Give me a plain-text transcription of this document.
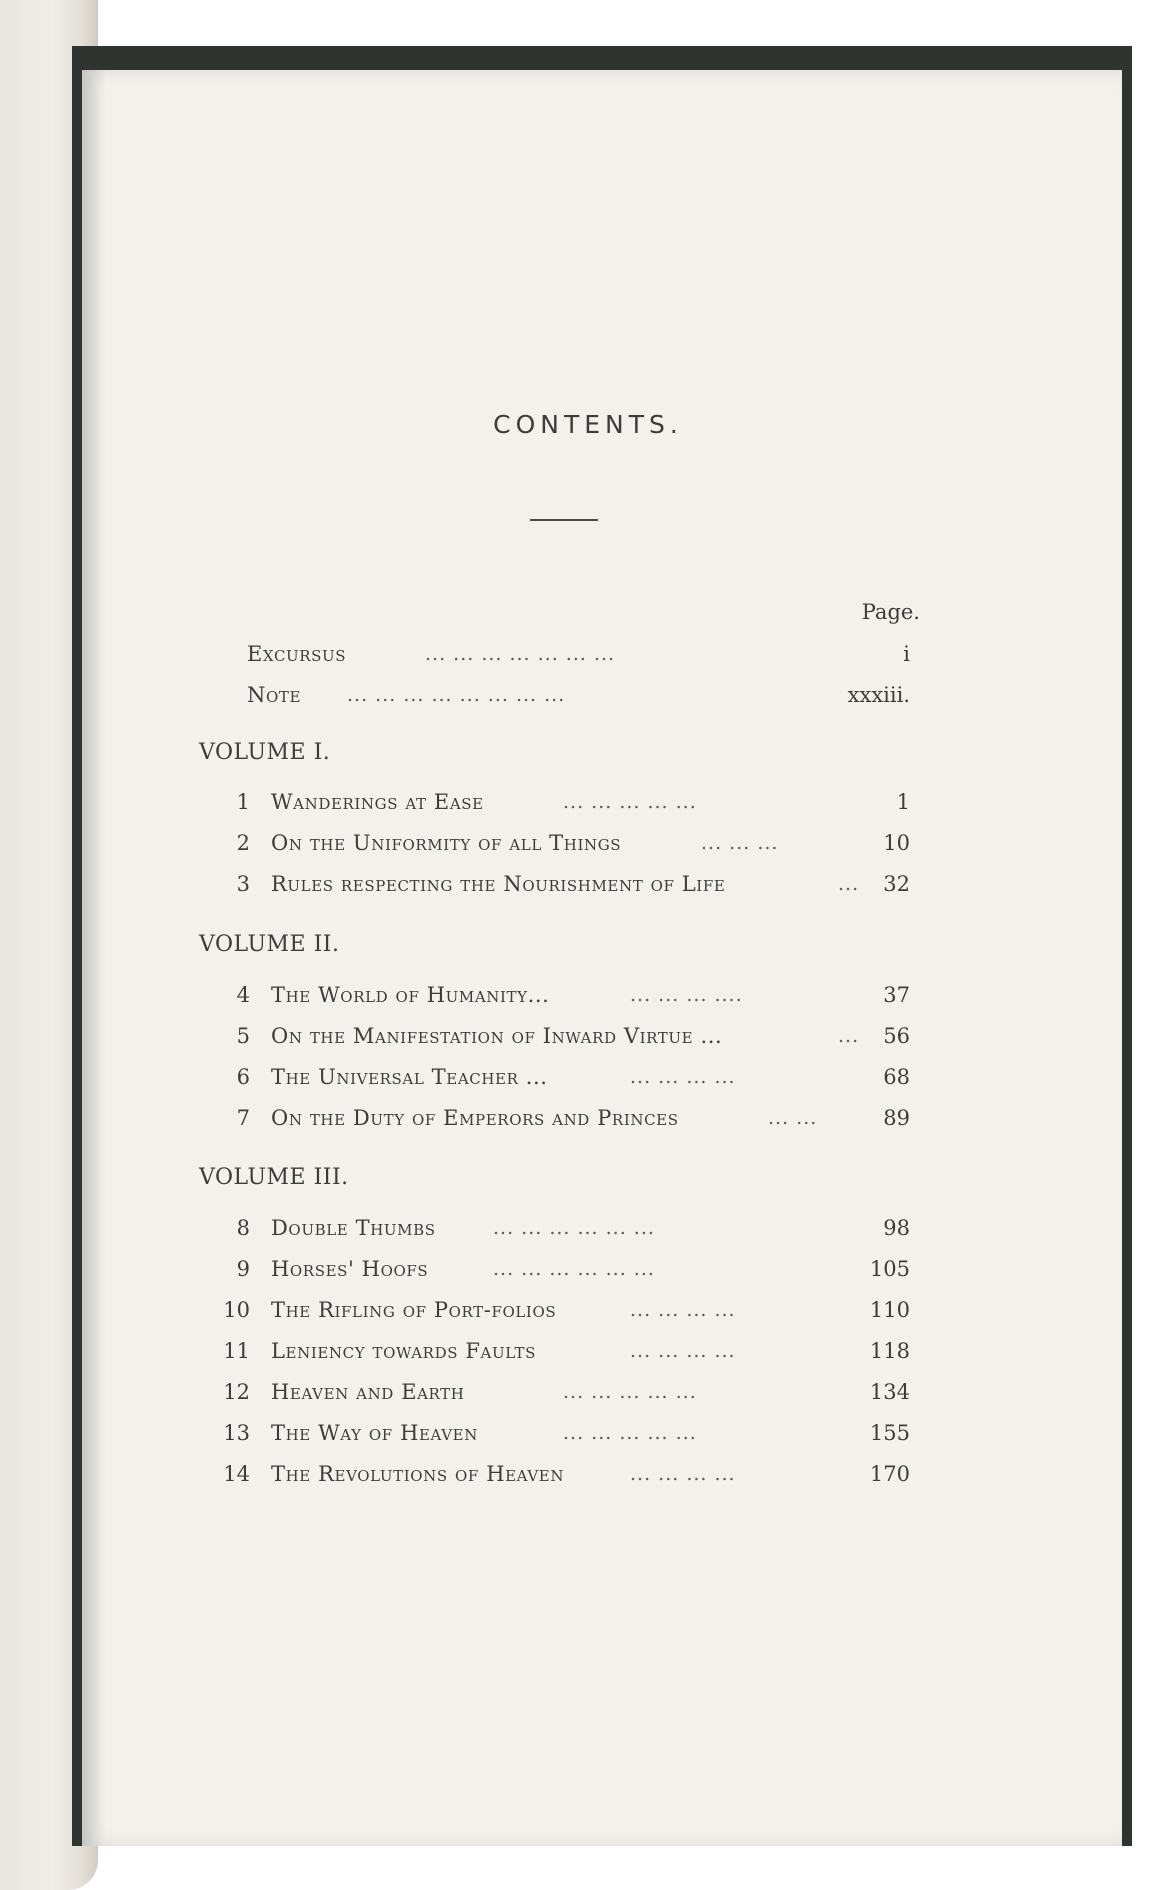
CONTENTS.
Page.
Excursus	... ... ... ... ... ... ...	i
Note ... ... ... ... ... ... ... ...	xxxiii.
VOLUME I.
1 Wanderings at Ease	... ... ... ... ...	1
2 On the Uniformity of all Things	... ... ...	10
3 Rules respecting the Nourishment of Life	...	32
VOLUME II.
4 The World of Humanity...	... ... ... ....	37
5 On the Manifestation of Inward Virtue ...	...	56
6 The Universal Teacher ...	... ... ... ...	68
7 On the Duty of Emperors and Princes	... ...	89
VOLUME III.
8 Double Thumbs	... ... ... ... ... ...	98
9 Horses' Hoofs	... ... ... ... ... ...	105
10 The Rifling of Port-folios	... ... ... ...	110
11 Leniency towards Faults	... ... ... ...	118
12 Heaven and Earth	... ... ... ... ...	134
13 The Way of Heaven	... ... ... ... ...	155
14 The Revolutions of Heaven	... ... ... ...	170
